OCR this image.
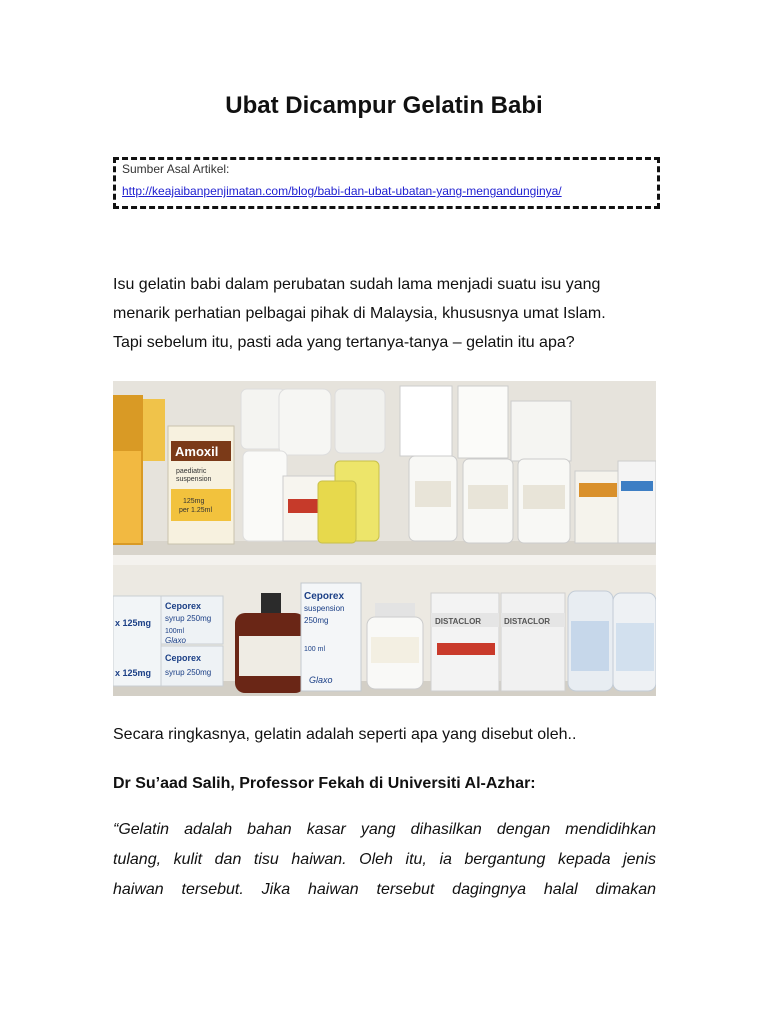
Ubat Dicampur Gelatin Babi
Sumber Asal Artikel:
http://keajaibanpenjimatan.com/blog/babi-dan-ubat-ubatan-yang-mengandunginya/
Isu gelatin babi dalam perubatan sudah lama menjadi suatu isu yang
menarik perhatian pelbagai pihak di Malaysia, khususnya umat Islam.
Tapi sebelum itu, pasti ada yang tertanya-tanya – gelatin itu apa?
Amoxil
paediatric
suspension
125mg
per 1.25ml
x 125mg
x 125mg
Ceporex
syrup 250mg
100ml
Glaxo
Ceporex
syrup 250mg
Ceporex
suspension
250mg
100 ml
Glaxo
DISTACLOR	DISTACLOR
Secara ringkasnya, gelatin adalah seperti apa yang disebut oleh..
Dr Su’aad Salih, Professor Fekah di Universiti Al-Azhar:
“Gelatin adalah bahan kasar yang dihasilkan dengan mendidihkan
tulang, kulit dan tisu haiwan. Oleh itu, ia bergantung kepada jenis
haiwan tersebut. Jika haiwan tersebut dagingnya halal dimakan
